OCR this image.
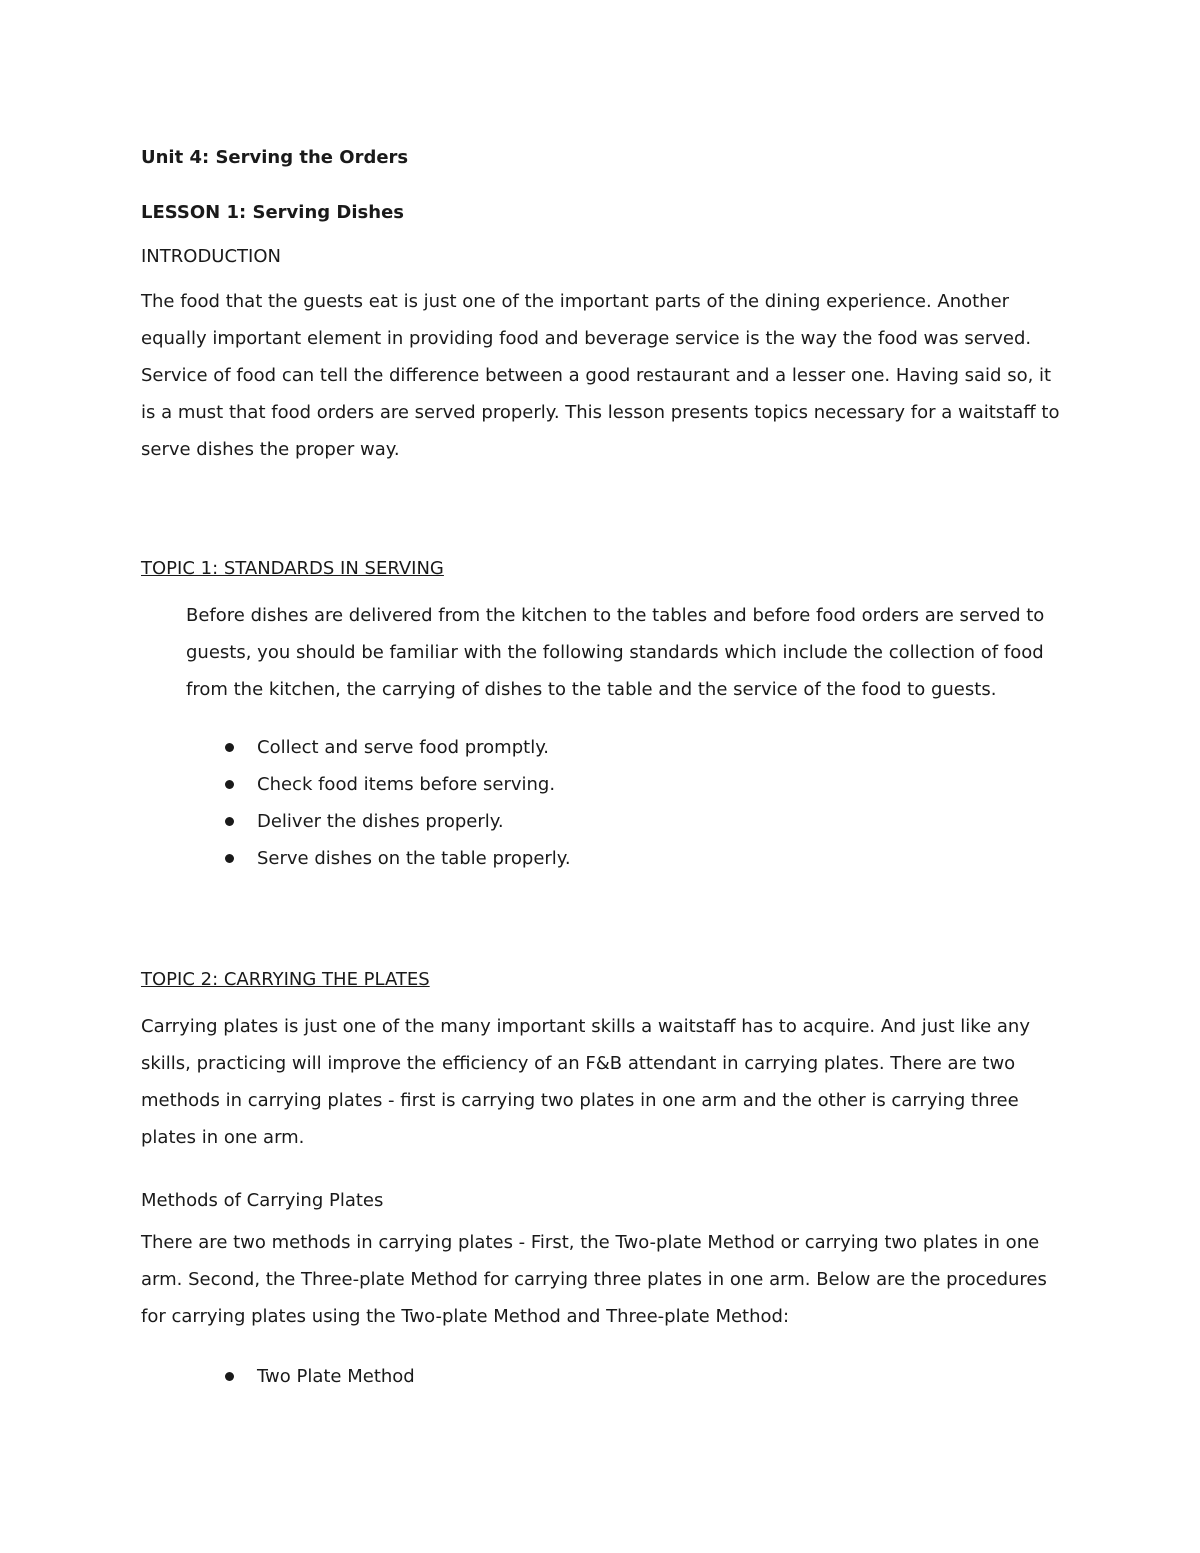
Unit 4: Serving the Orders

LESSON 1: Serving Dishes

INTRODUCTION

The food that the guests eat is just one of the important parts of the dining experience. Another equally important element in providing food and beverage service is the way the food was served. Service of food can tell the difference between a good restaurant and a lesser one. Having said so, it is a must that food orders are served properly. This lesson presents topics necessary for a waitstaff to serve dishes the proper way.

TOPIC 1: STANDARDS IN SERVING

Before dishes are delivered from the kitchen to the tables and before food orders are served to guests, you should be familiar with the following standards which include the collection of food from the kitchen, the carrying of dishes to the table and the service of the food to guests.

Collect and serve food promptly.
Check food items before serving.
Deliver the dishes properly.
Serve dishes on the table properly.

TOPIC 2: CARRYING THE PLATES

Carrying plates is just one of the many important skills a waitstaff has to acquire. And just like any skills, practicing will improve the efficiency of an F&B attendant in carrying plates. There are two methods in carrying plates - first is carrying two plates in one arm and the other is carrying three plates in one arm.

Methods of Carrying Plates

There are two methods in carrying plates - First, the Two-plate Method or carrying two plates in one arm. Second, the Three-plate Method for carrying three plates in one arm. Below are the procedures for carrying plates using the Two-plate Method and Three-plate Method:

Two Plate Method
